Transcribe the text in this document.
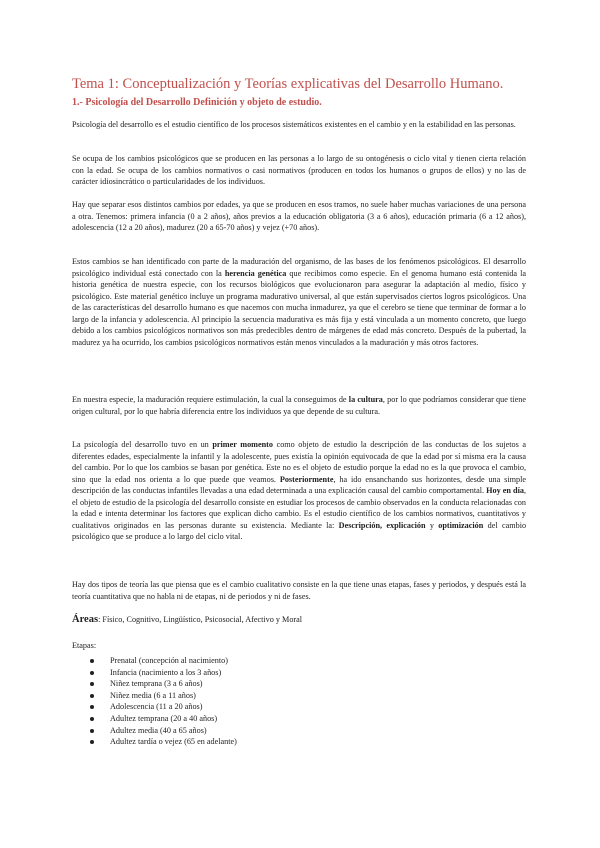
Tema 1: Conceptualización y Teorías explicativas del Desarrollo Humano.
1.- Psicología del Desarrollo Definición y objeto de estudio.

Psicología del desarrollo es el estudio científico de los procesos sistemáticos existentes en el cambio y en la estabilidad en las personas.

Se ocupa de los cambios psicológicos que se producen en las personas a lo largo de su ontogénesis o ciclo vital y tienen cierta relación con la edad. Se ocupa de los cambios normativos o casi normativos (producen en todos los humanos o grupos de ellos) y no las de carácter idiosincrático o particularidades de los individuos.

Hay que separar esos distintos cambios por edades, ya que se producen en esos tramos, no suele haber muchas variaciones de una persona a otra. Tenemos: primera infancia (0 a 2 años), años previos a la educación obligatoria (3 a 6 años), educación primaria (6 a 12 años), adolescencia (12 a 20 años), madurez (20 a 65-70 años) y vejez (+70 años).

Estos cambios se han identificado con parte de la maduración del organismo, de las bases de los fenómenos psicológicos. El desarrollo psicológico individual está conectado con la herencia genética que recibimos como especie. En el genoma humano está contenida la historia genética de nuestra especie, con los recursos biológicos que evolucionaron para asegurar la adaptación al medio, físico y psicológico. Este material genético incluye un programa madurativo universal, al que están supervisados ciertos logros psicológicos. Una de las características del desarrollo humano es que nacemos con mucha inmadurez, ya que el cerebro se tiene que terminar de formar a lo largo de la infancia y adolescencia. Al principio la secuencia madurativa es más fija y está vinculada a un momento concreto, que luego debido a los cambios psicológicos normativos son más predecibles dentro de márgenes de edad más concreto. Después de la pubertad, la madurez ya ha ocurrido, los cambios psicológicos normativos están menos vinculados a la maduración y más otros factores.

En nuestra especie, la maduración requiere estimulación, la cual la conseguimos de la cultura, por lo que podríamos considerar que tiene origen cultural, por lo que habría diferencia entre los individuos ya que depende de su cultura.

La psicología del desarrollo tuvo en un primer momento como objeto de estudio la descripción de las conductas de los sujetos a diferentes edades, especialmente la infantil y la adolescente, pues existía la opinión equivocada de que la edad por sí misma era la causa del cambio. Por lo que los cambios se basan por genética. Este no es el objeto de estudio porque la edad no es la que provoca el cambio, sino que la edad nos orienta a lo que puede que veamos. Posteriormente, ha ido ensanchando sus horizontes, desde una simple descripción de las conductas infantiles llevadas a una edad determinada a una explicación causal del cambio comportamental. Hoy en día, el objeto de estudio de la psicología del desarrollo consiste en estudiar los procesos de cambio observados en la conducta relacionadas con la edad e intenta determinar los factores que explican dicho cambio. Es el estudio científico de los cambios normativos, cuantitativos y cualitativos originados en las personas durante su existencia. Mediante la: Descripción, explicación y optimización del cambio psicológico que se produce a lo largo del ciclo vital.

Hay dos tipos de teoría las que piensa que es el cambio cualitativo consiste en la que tiene unas etapas, fases y periodos, y después está la teoría cuantitativa que no habla ni de etapas, ni de periodos y ni de fases.

Áreas: Físico, Cognitivo, Lingüístico, Psicosocial, Afectivo y Moral

Etapas:

Prenatal (concepción al nacimiento)
Infancia (nacimiento a los 3 años)
Niñez temprana (3 a 6 años)
Niñez media (6 a 11 años)
Adolescencia (11 a 20 años)
Adultez temprana (20 a 40 años)
Adultez media (40 a 65 años)
Adultez tardía o vejez (65 en adelante)
